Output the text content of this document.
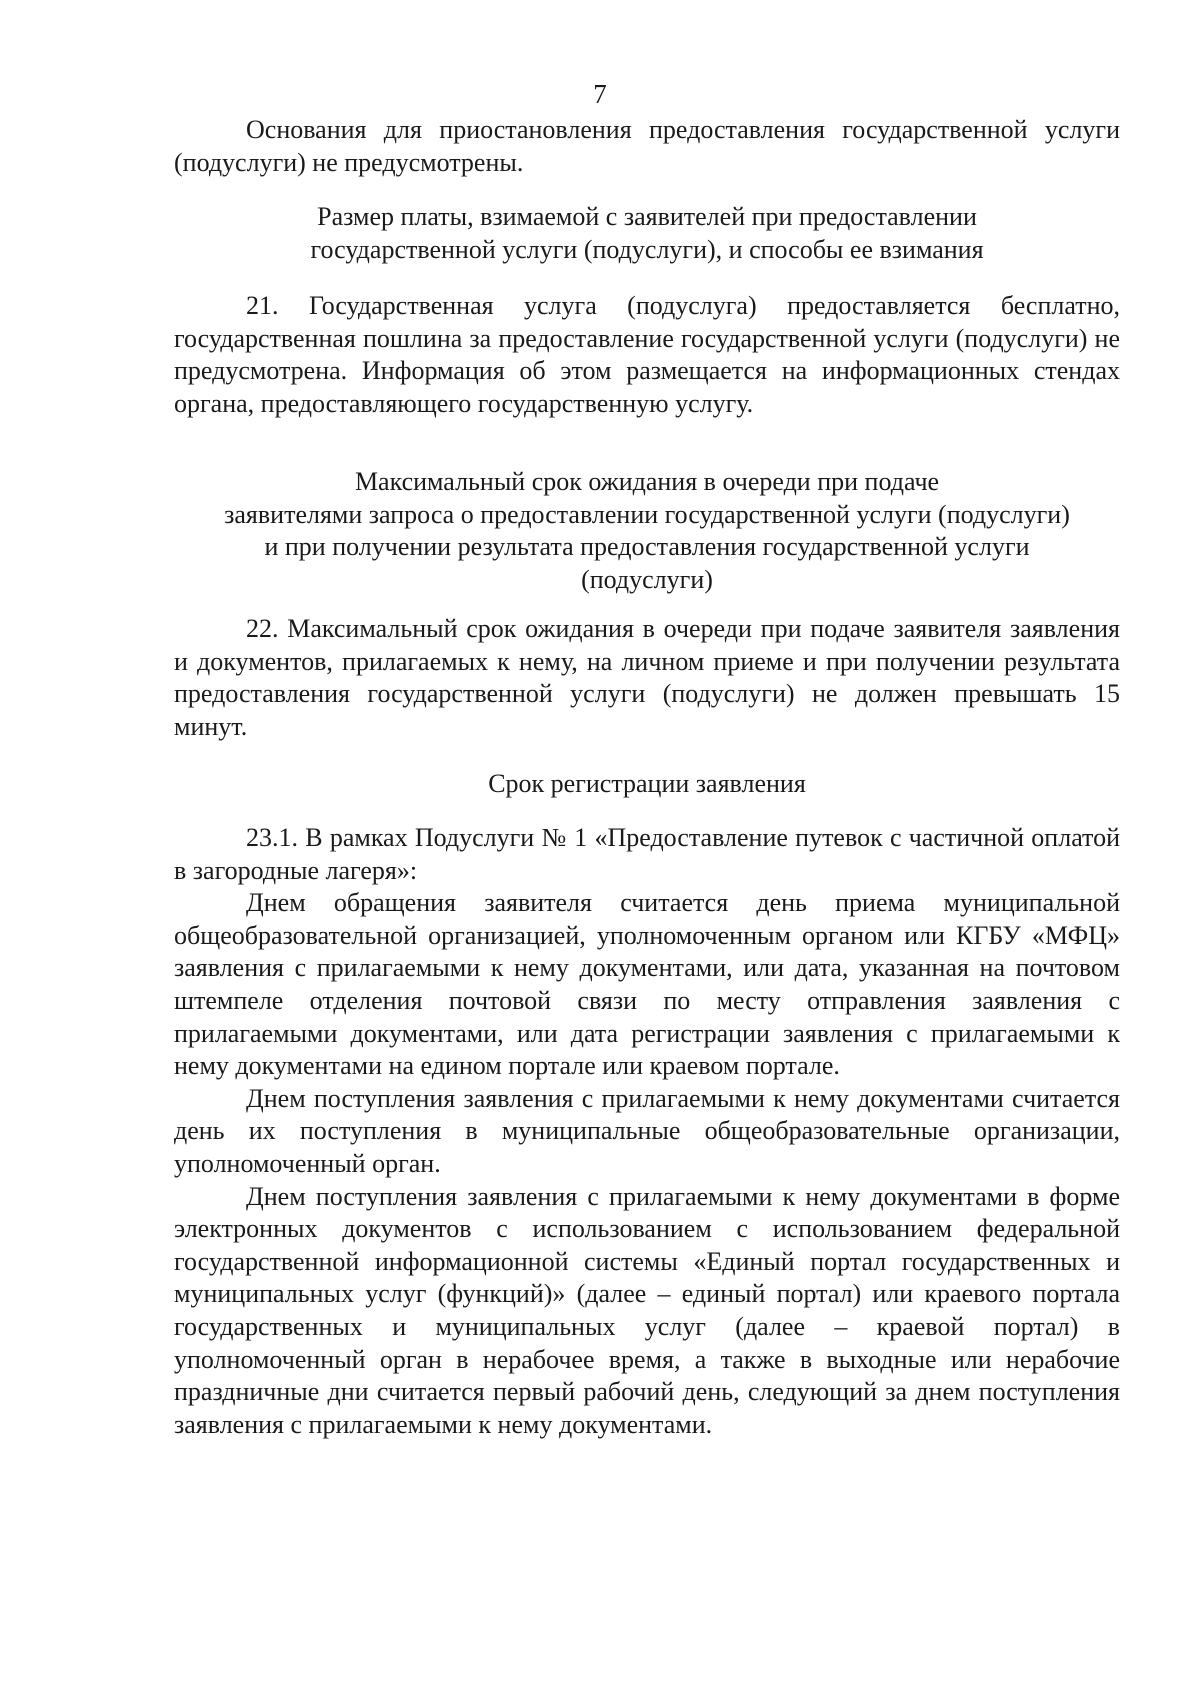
7

Основания для приостановления предоставления государственной услуги (подуслуги) не предусмотрены.

Размер платы, взимаемой с заявителей при предоставлении
государственной услуги (подуслуги), и способы ее взимания

21. Государственная услуга (подуслуга) предоставляется бесплатно, государственная пошлина за предоставление государственной услуги (подуслуги) не предусмотрена. Информация об этом размещается на информационных стендах органа, предоставляющего государственную услугу.

Максимальный срок ожидания в очереди при подаче
заявителями запроса о предоставлении государственной услуги (подуслуги)
и при получении результата предоставления государственной услуги
(подуслуги)

22. Максимальный срок ожидания в очереди при подаче заявителя заявления и документов, прилагаемых к нему, на личном приеме и при получении результата предоставления государственной услуги (подуслуги) не должен превышать 15 минут.

Срок регистрации заявления

23.1. В рамках Подуслуги № 1 «Предоставление путевок с частичной оплатой в загородные лагеря»:

Днем обращения заявителя считается день приема муниципальной общеобразовательной организацией, уполномоченным органом или КГБУ «МФЦ» заявления с прилагаемыми к нему документами, или дата, указанная на почтовом штемпеле отделения почтовой связи по месту отправления заявления с прилагаемыми документами, или дата регистрации заявления с прилагаемыми к нему документами на едином портале или краевом портале.

Днем поступления заявления с прилагаемыми к нему документами считается день их поступления в муниципальные общеобразовательные организации, уполномоченный орган.

Днем поступления заявления с прилагаемыми к нему документами в форме электронных документов с использованием с использованием федеральной государственной информационной системы «Единый портал государственных и муниципальных услуг (функций)» (далее – единый портал) или краевого портала государственных и муниципальных услуг (далее – краевой портал) в уполномоченный орган в нерабочее время, а также в выходные или нерабочие праздничные дни считается первый рабочий день, следующий за днем поступления заявления с прилагаемыми к нему документами.
